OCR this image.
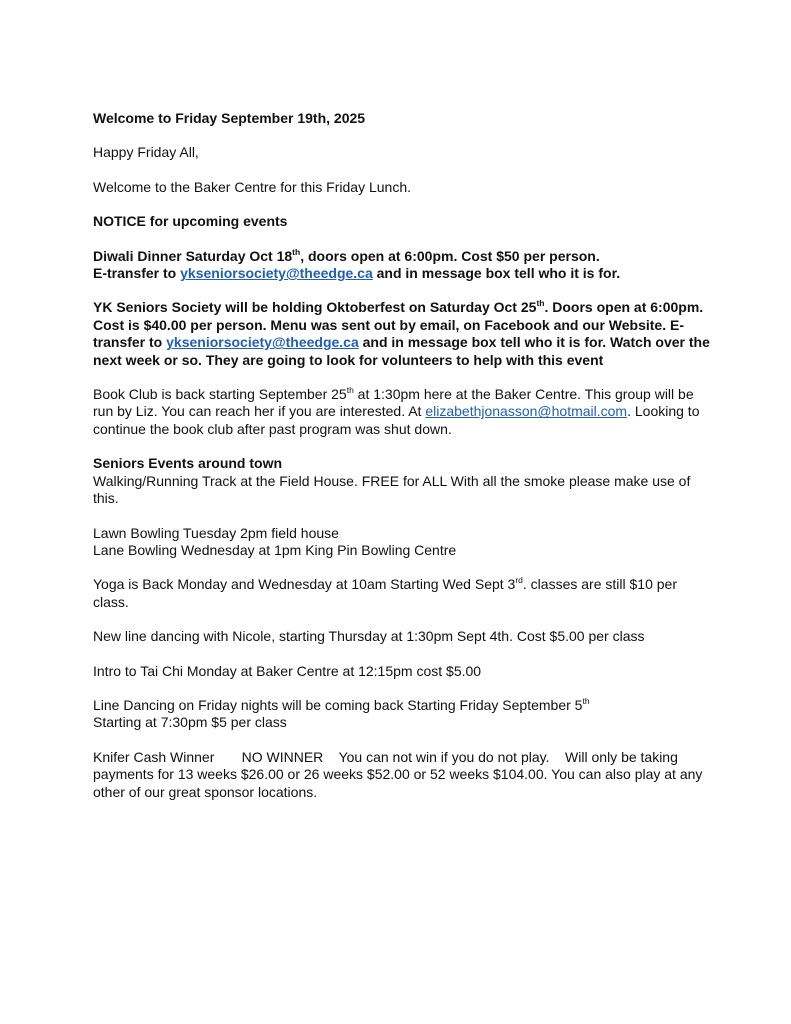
Welcome to Friday September 19th, 2025

Happy Friday All,

Welcome to the Baker Centre for this Friday Lunch.

NOTICE for upcoming events

Diwali Dinner Saturday Oct 18th, doors open at 6:00pm. Cost $50 per person.

E-transfer to ykseniorsociety@theedge.ca and in message box tell who it is for.

YK Seniors Society will be holding Oktoberfest on Saturday Oct 25th. Doors open at 6:00pm. Cost is $40.00 per person. Menu was sent out by email, on Facebook and our Website. E-transfer to ykseniorsociety@theedge.ca and in message box tell who it is for. Watch over the next week or so. They are going to look for volunteers to help with this event

Book Club is back starting September 25th at 1:30pm here at the Baker Centre. This group will be run by Liz. You can reach her if you are interested. At elizabethjonasson@hotmail.com. Looking to continue the book club after past program was shut down.

Seniors Events around town

Walking/Running Track at the Field House. FREE for ALL With all the smoke please make use of this.

Lawn Bowling Tuesday 2pm field house

Lane Bowling Wednesday at 1pm King Pin Bowling Centre

Yoga is Back Monday and Wednesday at 10am Starting Wed Sept 3rd. classes are still $10 per class.

New line dancing with Nicole, starting Thursday at 1:30pm Sept 4th. Cost $5.00 per class

Intro to Tai Chi Monday at Baker Centre at 12:15pm cost $5.00

Line Dancing on Friday nights will be coming back Starting Friday September 5th

Starting at 7:30pm $5 per class

Knifer Cash Winner       NO WINNER    You can not win if you do not play.    Will only be taking payments for 13 weeks $26.00 or 26 weeks $52.00 or 52 weeks $104.00. You can also play at any other of our great sponsor locations.
